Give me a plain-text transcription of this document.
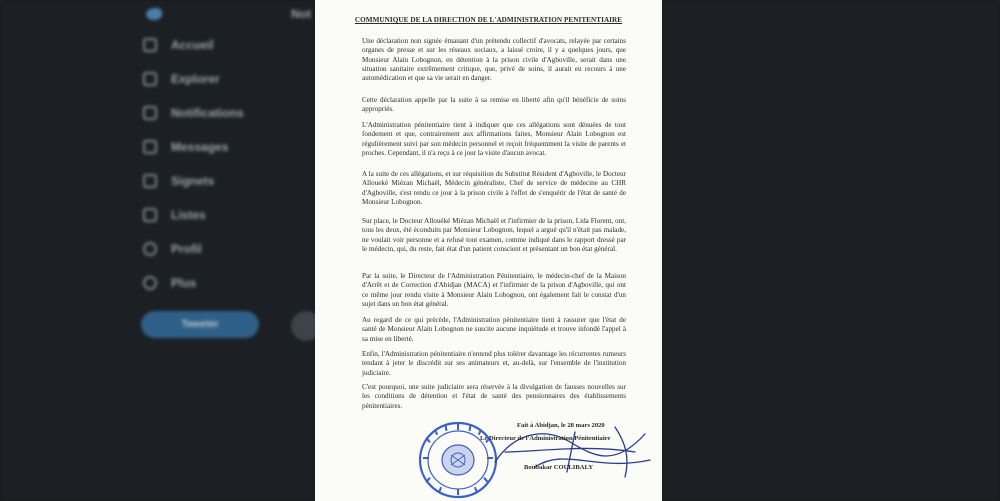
Accueil
Explorer
Notifications
Messages
Signets
Listes
Profil
Plus
Tweeter
Not	COMMUNIQUE DE LA DIRECTION DE L'ADMINISTRATION PENITENTIAIRE

Une déclaration non signée émanant d'un prétendu collectif d'avocats, relayée par certains organes de presse et sur les réseaux sociaux, a laissé croire, il y a quelques jours, que Monsieur Alain Lobognon, en détention à la prison civile d'Agboville, serait dans une situation sanitaire extrêmement critique, que, privé de soins, il aurait eu recours à une automédication et que sa vie serait en danger.

Cette déclaration appelle par la suite à sa remise en liberté afin qu'il bénéficie de soins appropriés.

L'Administration pénitentiaire tient à indiquer que ces allégations sont dénuées de tout fondement et que, contrairement aux affirmations faites, Monsieur Alain Lobognon est régulièrement suivi par son médecin personnel et reçoit fréquemment la visite de parents et proches. Cependant, il n'a reçu à ce jour la visite d'aucun avocat.

A la suite de ces allégations, et sur réquisition du Substitut Résident d'Agboville, le Docteur Alloueké Miézan Michaël, Médecin généraliste, Chef de service de médecine au CHR d'Agboville, s'est rendu ce jour à la prison civile à l'effet de s'enquérir de l'état de santé de Monsieur Lobognon.

Sur place, le Docteur Allouéké Miézan Michaël et l'infirmier de la prison, Lida Florent, ont, tous les deux, été éconduits par Monsieur Lobognon, lequel a argué qu'il n'était pas malade, ne voulait voir personne et a refusé tout examen, comme indiqué dans le rapport dressé par le médecin, qui, du reste, fait état d'un patient conscient et présentant un bon état général.

Par la suite, le Directeur de l'Administration Pénitentiaire, le médecin-chef de la Maison d'Arrêt et de Correction d'Abidjan (MACA) et l'infirmier de la prison d'Agboville, qui ont ce même jour rendu visite à Monsieur Alain Lobognon, ont également fait le constat d'un sujet dans un bon état général.

Au regard de ce qui précède, l'Administration pénitentiaire tient à rassurer que l'état de santé de Monsieur Alain Lobognon ne suscite aucune inquiétude et trouve infondé l'appel à sa mise en liberté.

Enfin, l'Administration pénitentiaire n'entend plus tolérer davantage les récurrentes rumeurs tendant à jeter le discrédit sur ses animateurs et, au-delà, sur l'ensemble de l'institution judiciaire.

C'est pourquoi, une suite judiciaire sera réservée à la divulgation de fausses nouvelles sur les conditions de détention et l'état de santé des pensionnaires des établissements pénitentiaires.

Fait à Abidjan, le 28 mars 2020
Le Directeur de l'Administration Pénitentiaire
Boubakar COULIBALY
